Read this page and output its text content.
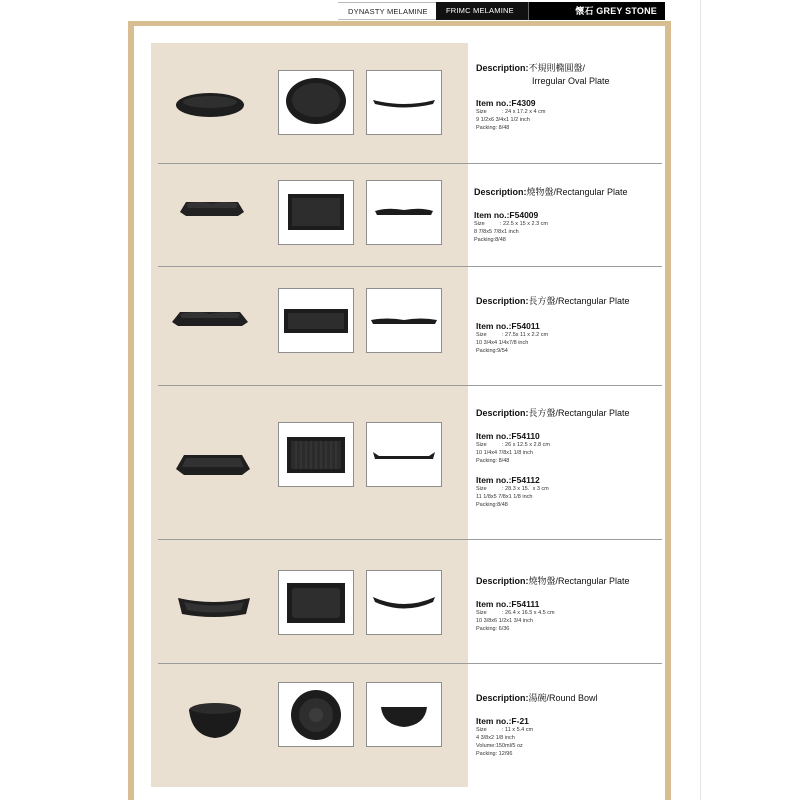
DYNASTY MELAMINE	FRIMC MELAMINE	懷石 GREY STONE
Description:不規則橢圓盤/
Irregular Oval Plate
Item no.:F4309
Size	: 24 x 17.2 x 4 cm
9 1/2x6 3/4x1 1/2 inch
Packing: 8/48
Description:燒物盤/Rectangular Plate
Item no.:F54009
Size	: 22.5 x 15 x 2.3 cm
8 7/8x5 7/8x1 inch
Packing:8/48
Description:長方盤/Rectangular Plate
Item no.:F54011
Size	: 27.5x 11 x 2.2 cm
10 3/4x4 1/4x7/8 inch
Packing:9/54
Description:長方盤/Rectangular Plate
Item no.:F54110
Size	: 26 x 12.5 x 2.8 cm
10 1/4x4 7/8x1 1/8 inch
Packing: 8/48
Item no.:F54112
Size	: 28.3 x 15.´ x 3 cm
11 1/8x5 7/8x1 1/8 inch
Packing:8/48
Description:燒物盤/Rectangular Plate
Item no.:F54111
Size	: 26.4 x 16.5 x 4.5 cm
10 3/8x6 1/2x1 3/4 inch
Packing: 6/36
Description:湯碗/Round Bowl
Item no.:F-21
Size	: 11 x 5.4 cm
4 3/8x2 1/8 inch
Volume:150ml/5 oz
Packing: 12/96
